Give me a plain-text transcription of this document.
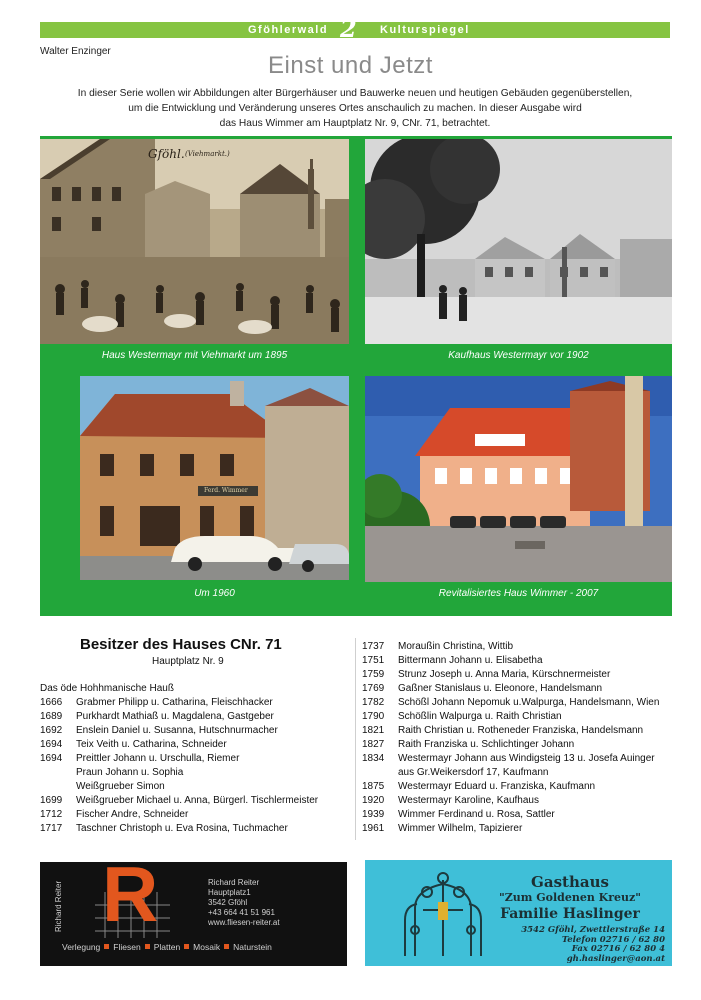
Gföhlerwald 2 Kulturspiegel
Walter Enzinger
Einst und Jetzt
In dieser Serie wollen wir Abbildungen alter Bürgerhäuser und Bauwerke neuen und heutigen Gebäuden gegenüberstellen,
um die Entwicklung und Veränderung unseres Ortes anschaulich zu machen. In dieser Ausgabe wird
das Haus Wimmer am Hauptplatz Nr. 9, CNr. 71, betrachtet.
Gföhl. (Viehmarkt.)
Haus Westermayr mit Viehmarkt um 1895	Kaufhaus Westermayr vor 1902
Ferd. Wimmer
Um 1960	Revitalisiertes Haus Wimmer - 2007
Besitzer des Hauses CNr. 71
Hauptplatz Nr. 9
Das öde Hohhmanische Hauß
1666 Grabmer Philipp u. Catharina, Fleischhacker
1689 Purkhardt Mathiaß u. Magdalena, Gastgeber
1692 Enslein Daniel u. Susanna, Hutschnurmacher
1694 Teix Veith u. Catharina, Schneider
1694 Preittler Johann u. Urschulla, Riemer
Praun Johann u. Sophia
Weißgrueber Simon
1699 Weißgrueber Michael u. Anna, Bürgerl. Tischlermeister
1712 Fischer Andre, Schneider
1717 Taschner Christoph u. Eva Rosina, Tuchmacher
1737 Moraußin Christina, Wittib
1751 Bittermann Johann u. Elisabetha
1759 Strunz Joseph u. Anna Maria, Kürschnermeister
1769 Gaßner Stanislaus u. Eleonore, Handelsmann
1782 Schößl Johann Nepomuk u.Walpurga, Handelsmann, Wien
1790 Schößlin Walpurga u. Raith Christian
1821 Raith Christian u. Rotheneder Franziska, Handelsmann
1827 Raith Franziska u. Schlichtinger Johann
1834 Westermayr Johann aus Windigsteig 13 u. Josefa Auinger
aus Gr.Weikersdorf 17, Kaufmann
1875 Westermayr Eduard u. Franziska, Kaufmann
1920 Westermayr Karoline, Kaufhaus
1939 Wimmer Ferdinand u. Rosa, Sattler
1961 Wimmer Wilhelm, Tapizierer
R
Richard Reiter	Richard Reiter
Hauptplatz1
3542 Gföhl
+43 664 41 51 961
www.fliesen-reiter.at
Verlegung Fliesen Platten Mosaik Naturstein
Gasthaus
"Zum Goldenen Kreuz"
Familie Haslinger
3542 Gföhl, Zwettlerstraße 14
Telefon 02716 / 62 80
Fax 02716 / 62 80 4
gh.haslinger@aon.at
